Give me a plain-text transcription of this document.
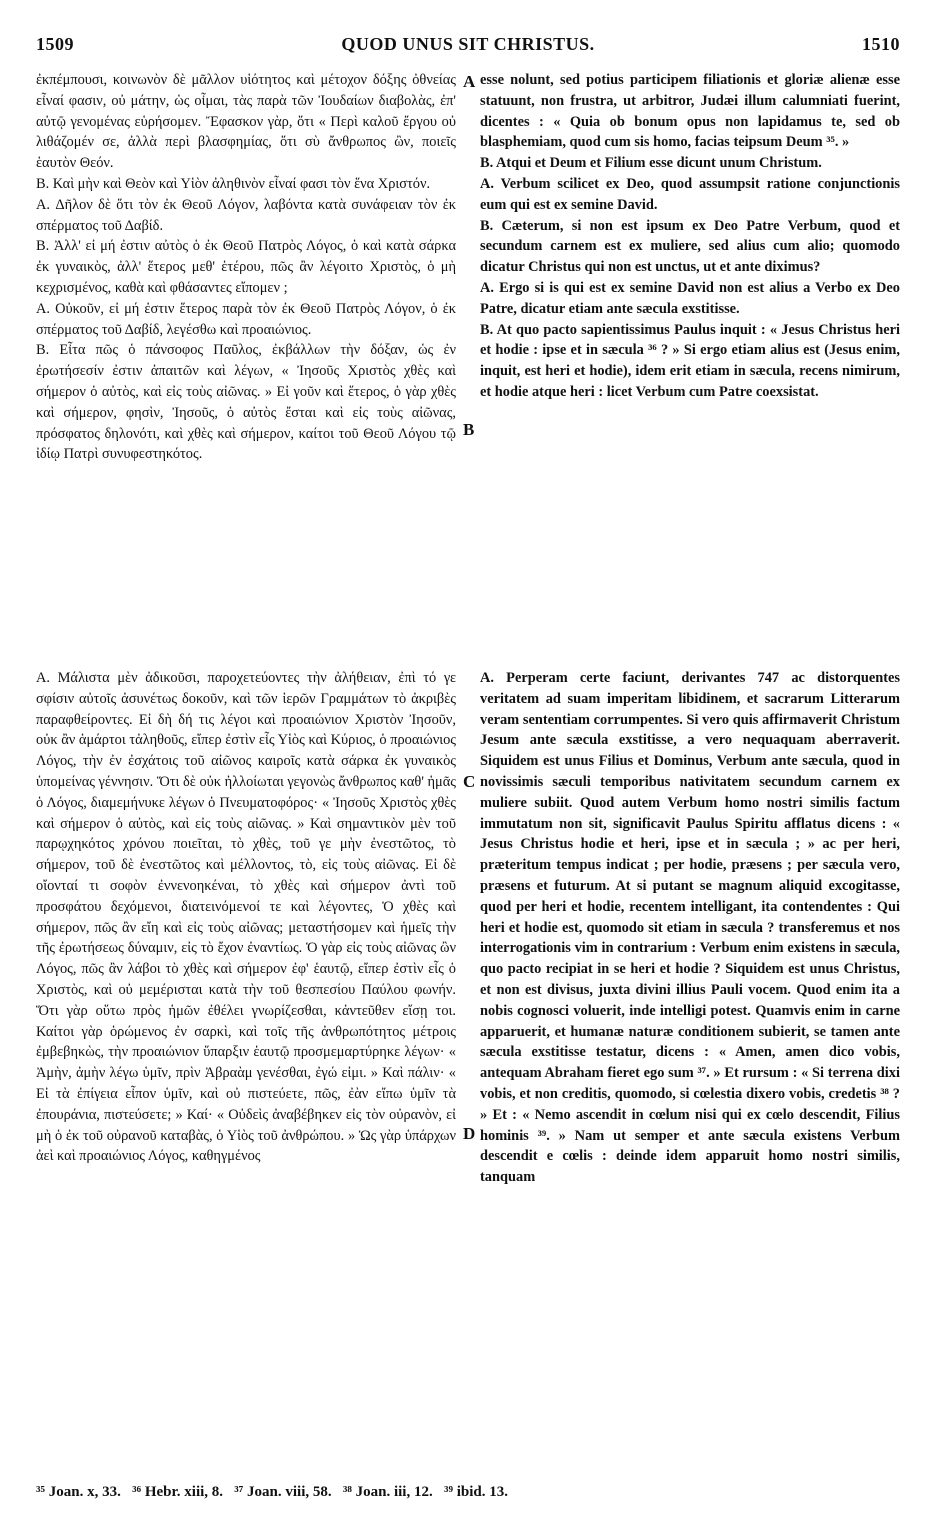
1509	QUOD UNUS SIT CHRISTUS.	1510

ἐκπέμπουσι, κοινωνὸν δὲ μᾶλλον υἱότητος καὶ μέτοχον δόξης ὀθνείας εἶναί φασιν, οὐ μάτην, ὡς οἶμαι, τὰς παρὰ τῶν Ἰουδαίων διαβολὰς, ἐπ' αὐτῷ γενομένας εὑρήσομεν. Ἔφασκον γὰρ, ὅτι « Περὶ καλοῦ ἔργου οὐ λιθάζομέν σε, ἀλλὰ περὶ βλασφημίας, ὅτι σὺ ἄνθρωπος ὢν, ποιεῖς ἑαυτὸν Θεόν.

B. Καὶ μὴν καὶ Θεὸν καὶ Υἱὸν ἀληθινὸν εἶναί φασι τὸν ἕνα Χριστόν.

A. Δῆλον δὲ ὅτι τὸν ἐκ Θεοῦ Λόγον, λαβόντα κατὰ συνάφειαν τὸν ἐκ σπέρματος τοῦ Δαβίδ.

B. Ἀλλ' εἰ μή ἐστιν αὐτὸς ὁ ἐκ Θεοῦ Πατρὸς Λόγος, ὁ καὶ κατὰ σάρκα ἐκ γυναικὸς, ἀλλ' ἕτερος μεθ' ἑτέρου, πῶς ἂν λέγοιτο Χριστὸς, ὁ μὴ κεχρισμένος, καθὰ καὶ φθάσαντες εἴπομεν ;

A. Οὐκοῦν, εἰ μή ἐστιν ἕτερος παρὰ τὸν ἐκ Θεοῦ Πατρὸς Λόγον, ὁ ἐκ σπέρματος τοῦ Δαβίδ, λεγέσθω καὶ προαιώνιος.

B. Εἶτα πῶς ὁ πάνσοφος Παῦλος, ἐκβάλλων τὴν δόξαν, ὡς ἐν ἐρωτήσεσίν ἐστιν ἀπαιτῶν καὶ λέγων, « Ἰησοῦς Χριστὸς χθὲς καὶ σήμερον ὁ αὐτὸς, καὶ εἰς τοὺς αἰῶνας. » Εἰ γοῦν καὶ ἕτερος, ὁ γὰρ χθὲς καὶ σήμερον, φησὶν, Ἰησοῦς, ὁ αὐτὸς ἔσται καὶ εἰς τοὺς αἰῶνας, πρόσφατος δηλονότι, καὶ χθὲς καὶ σήμερον, καίτοι τοῦ Θεοῦ Λόγου τῷ ἰδίῳ Πατρὶ συνυφεστηκότος.

esse nolunt, sed potius participem filiationis et gloriæ alienæ esse statuunt, non frustra, ut arbitror, Judæi illum calumniati fuerint, dicentes : « Quia ob bonum opus non lapidamus te, sed ob blasphemiam, quod cum sis homo, facias teipsum Deum ³⁵. »

B. Atqui et Deum et Filium esse dicunt unum Christum.

A. Verbum scilicet ex Deo, quod assumpsit ratione conjunctionis eum qui est ex semine David.

B. Cæterum, si non est ipsum ex Deo Patre Verbum, quod et secundum carnem est ex muliere, sed alius cum alio; quomodo dicatur Christus qui non est unctus, ut et ante diximus?

A. Ergo si is qui est ex semine David non est alius a Verbo ex Deo Patre, dicatur etiam ante sæcula exstitisse.

B. At quo pacto sapientissimus Paulus inquit : « Jesus Christus heri et hodie : ipse et in sæcula ³⁶ ? » Si ergo etiam alius est (Jesus enim, inquit, est heri et hodie), idem erit etiam in sæcula, recens nimirum, et hodie atque heri : licet Verbum cum Patre coexsistat.

A. Μάλιστα μὲν ἀδικοῦσι, παροχετεύοντες τὴν ἀλήθειαν, ἐπὶ τό γε σφίσιν αὐτοῖς ἀσυνέτως δοκοῦν, καὶ τῶν ἱερῶν Γραμμάτων τὸ ἀκριβὲς παραφθείροντες. Εἰ δὴ δή τις λέγοι καὶ προαιώνιον Χριστὸν Ἰησοῦν, οὐκ ἂν ἁμάρτοι τἀληθοῦς, εἴπερ ἐστὶν εἷς Υἱὸς καὶ Κύριος, ὁ προαιώνιος Λόγος, τὴν ἐν ἐσχάτοις τοῦ αἰῶνος καιροῖς κατὰ σάρκα ἐκ γυναικὸς ὑπομείνας γέννησιν. Ὅτι δὲ οὐκ ἠλλοίωται γεγονὼς ἄνθρωπος καθ' ἡμᾶς ὁ Λόγος, διαμεμήνυκε λέγων ὁ Πνευματοφόρος· « Ἰησοῦς Χριστὸς χθὲς καὶ σήμερον ὁ αὐτὸς, καὶ εἰς τοὺς αἰῶνας. » Καὶ σημαντικὸν μὲν τοῦ παρῳχηκότος χρόνου ποιεῖται, τὸ χθὲς, τοῦ γε μὴν ἐνεστῶτος, τὸ σήμερον, τοῦ δὲ ἐνεστῶτος καὶ μέλλοντος, τὸ, εἰς τοὺς αἰῶνας. Εἰ δὲ οἴονταί τι σοφὸν ἐννενοηκέναι, τὸ χθὲς καὶ σήμερον ἀντὶ τοῦ προσφάτου δεχόμενοι, διατεινόμενοί τε καὶ λέγοντες, Ὁ χθὲς καὶ σήμερον, πῶς ἂν εἴη καὶ εἰς τοὺς αἰῶνας; μεταστήσομεν καὶ ἡμεῖς τὴν τῆς ἐρωτήσεως δύναμιν, εἰς τὸ ἔχον ἐναντίως. Ὁ γὰρ εἰς τοὺς αἰῶνας ὢν Λόγος, πῶς ἂν λάβοι τὸ χθὲς καὶ σήμερον ἐφ' ἑαυτῷ, εἴπερ ἐστὶν εἷς ὁ Χριστὸς, καὶ οὐ μεμέρισται κατὰ τὴν τοῦ θεσπεσίου Παύλου φωνήν. Ὅτι γὰρ οὕτω πρὸς ἡμῶν ἐθέλει γνωρίζεσθαι, κἀντεῦθεν εἴσῃ τοι. Καίτοι γὰρ ὁρώμενος ἐν σαρκὶ, καὶ τοῖς τῆς ἀνθρωπότητος μέτροις ἐμβεβηκὼς, τὴν προαιώνιον ὕπαρξιν ἑαυτῷ προσμεμαρτύρηκε λέγων· « Ἀμὴν, ἀμὴν λέγω ὑμῖν, πρὶν Ἀβραὰμ γενέσθαι, ἐγώ εἰμι. » Καὶ πάλιν· « Εἰ τὰ ἐπίγεια εἶπον ὑμῖν, καὶ οὐ πιστεύετε, πῶς, ἐὰν εἴπω ὑμῖν τὰ ἐπουράνια, πιστεύσετε; » Καί· « Οὐδεὶς ἀναβέβηκεν εἰς τὸν οὐρανὸν, εἰ μὴ ὁ ἐκ τοῦ οὐρανοῦ καταβὰς, ὁ Υἱὸς τοῦ ἀνθρώπου. » Ὡς γὰρ ὑπάρχων ἀεὶ καὶ προαιώνιος Λόγος, καθηγμένος

A. Perperam certe faciunt, derivantes 747 ac distorquentes veritatem ad suam imperitam libidinem, et sacrarum Litterarum veram sententiam corrumpentes. Si vero quis affirmaverit Christum Jesum ante sæcula exstitisse, a vero nequaquam aberraverit. Siquidem est unus Filius et Dominus, Verbum ante sæcula, quod in novissimis sæculi temporibus nativitatem secundum carnem ex muliere subiit. Quod autem Verbum homo nostri similis factum immutatum non sit, significavit Paulus Spiritu afflatus dicens : « Jesus Christus hodie et heri, ipse et in sæcula ; » ac per heri, præteritum tempus indicat ; per hodie, præsens ; per sæcula vero, præsens et futurum. At si putant se magnum aliquid excogitasse, quod per heri et hodie, recentem intelligant, ita contendentes : Qui heri et hodie est, quomodo sit etiam in sæcula ? transferemus et nos interrogationis vim in contrarium : Verbum enim existens in sæcula, quo pacto recipiat in se heri et hodie ? Siquidem est unus Christus, et non est divisus, juxta divini illius Pauli vocem. Quod enim ita a nobis cognosci voluerit, inde intelligi potest. Quamvis enim in carne apparuerit, et humanæ naturæ conditionem subierit, se tamen ante sæcula exstitisse testatur, dicens : « Amen, amen dico vobis, antequam Abraham fieret ego sum ³⁷. » Et rursum : « Si terrena dixi vobis, et non creditis, quomodo, si cœlestia dixero vobis, credetis ³⁸ ? » Et : « Nemo ascendit in cœlum nisi qui ex cœlo descendit, Filius hominis ³⁹. » Nam ut semper et ante sæcula existens Verbum descendit e cœlis : deinde idem apparuit homo nostri similis, tanquam

A
B
C
D
³⁵ Joan. x, 33.   ³⁶ Hebr. xiii, 8.   ³⁷ Joan. viii, 58.   ³⁸ Joan. iii, 12.   ³⁹ ibid. 13.
